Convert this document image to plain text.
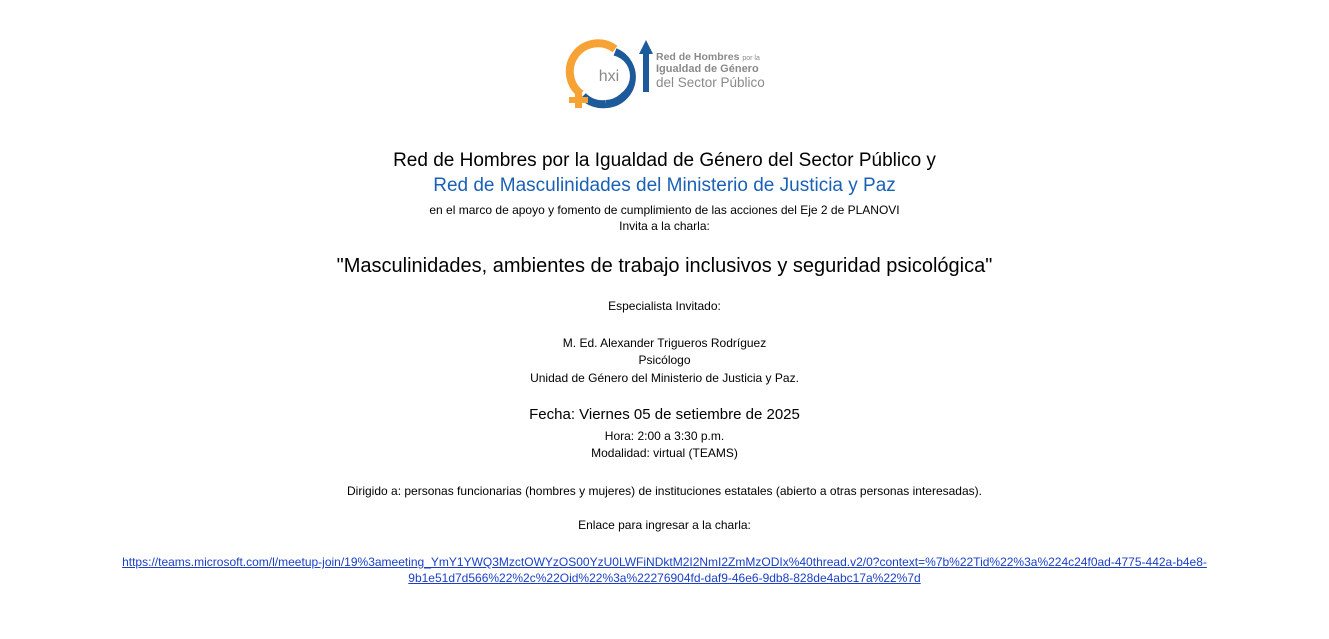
hxi
Red de Hombres por la
Igualdad de Género
del Sector Público
Red de Hombres por la Igualdad de Género del Sector Público y
Red de Masculinidades del Ministerio de Justicia y Paz
en el marco de apoyo y fomento de cumplimiento de las acciones del Eje 2 de PLANOVI
Invita a la charla:
"Masculinidades, ambientes de trabajo inclusivos y seguridad psicológica"
Especialista Invitado:
M. Ed. Alexander Trigueros Rodríguez
Psicólogo
Unidad de Género del Ministerio de Justicia y Paz.
Fecha: Viernes 05 de setiembre de 2025
Hora: 2:00 a 3:30 p.m.
Modalidad: virtual (TEAMS)
Dirigido a: personas funcionarias (hombres y mujeres) de instituciones estatales (abierto a otras personas interesadas).
Enlace para ingresar a la charla:
https://teams.microsoft.com/l/meetup-join/19%3ameeting_YmY1YWQ3MzctOWYzOS00YzU0LWFiNDktM2I2NmI2ZmMzODIx%40thread.v2/0?context=%7b%22Tid%22%3a%224c24f0ad-4775-442a-b4e8-
9b1e51d7d566%22%2c%22Oid%22%3a%22276904fd-daf9-46e6-9db8-828de4abc17a%22%7d
